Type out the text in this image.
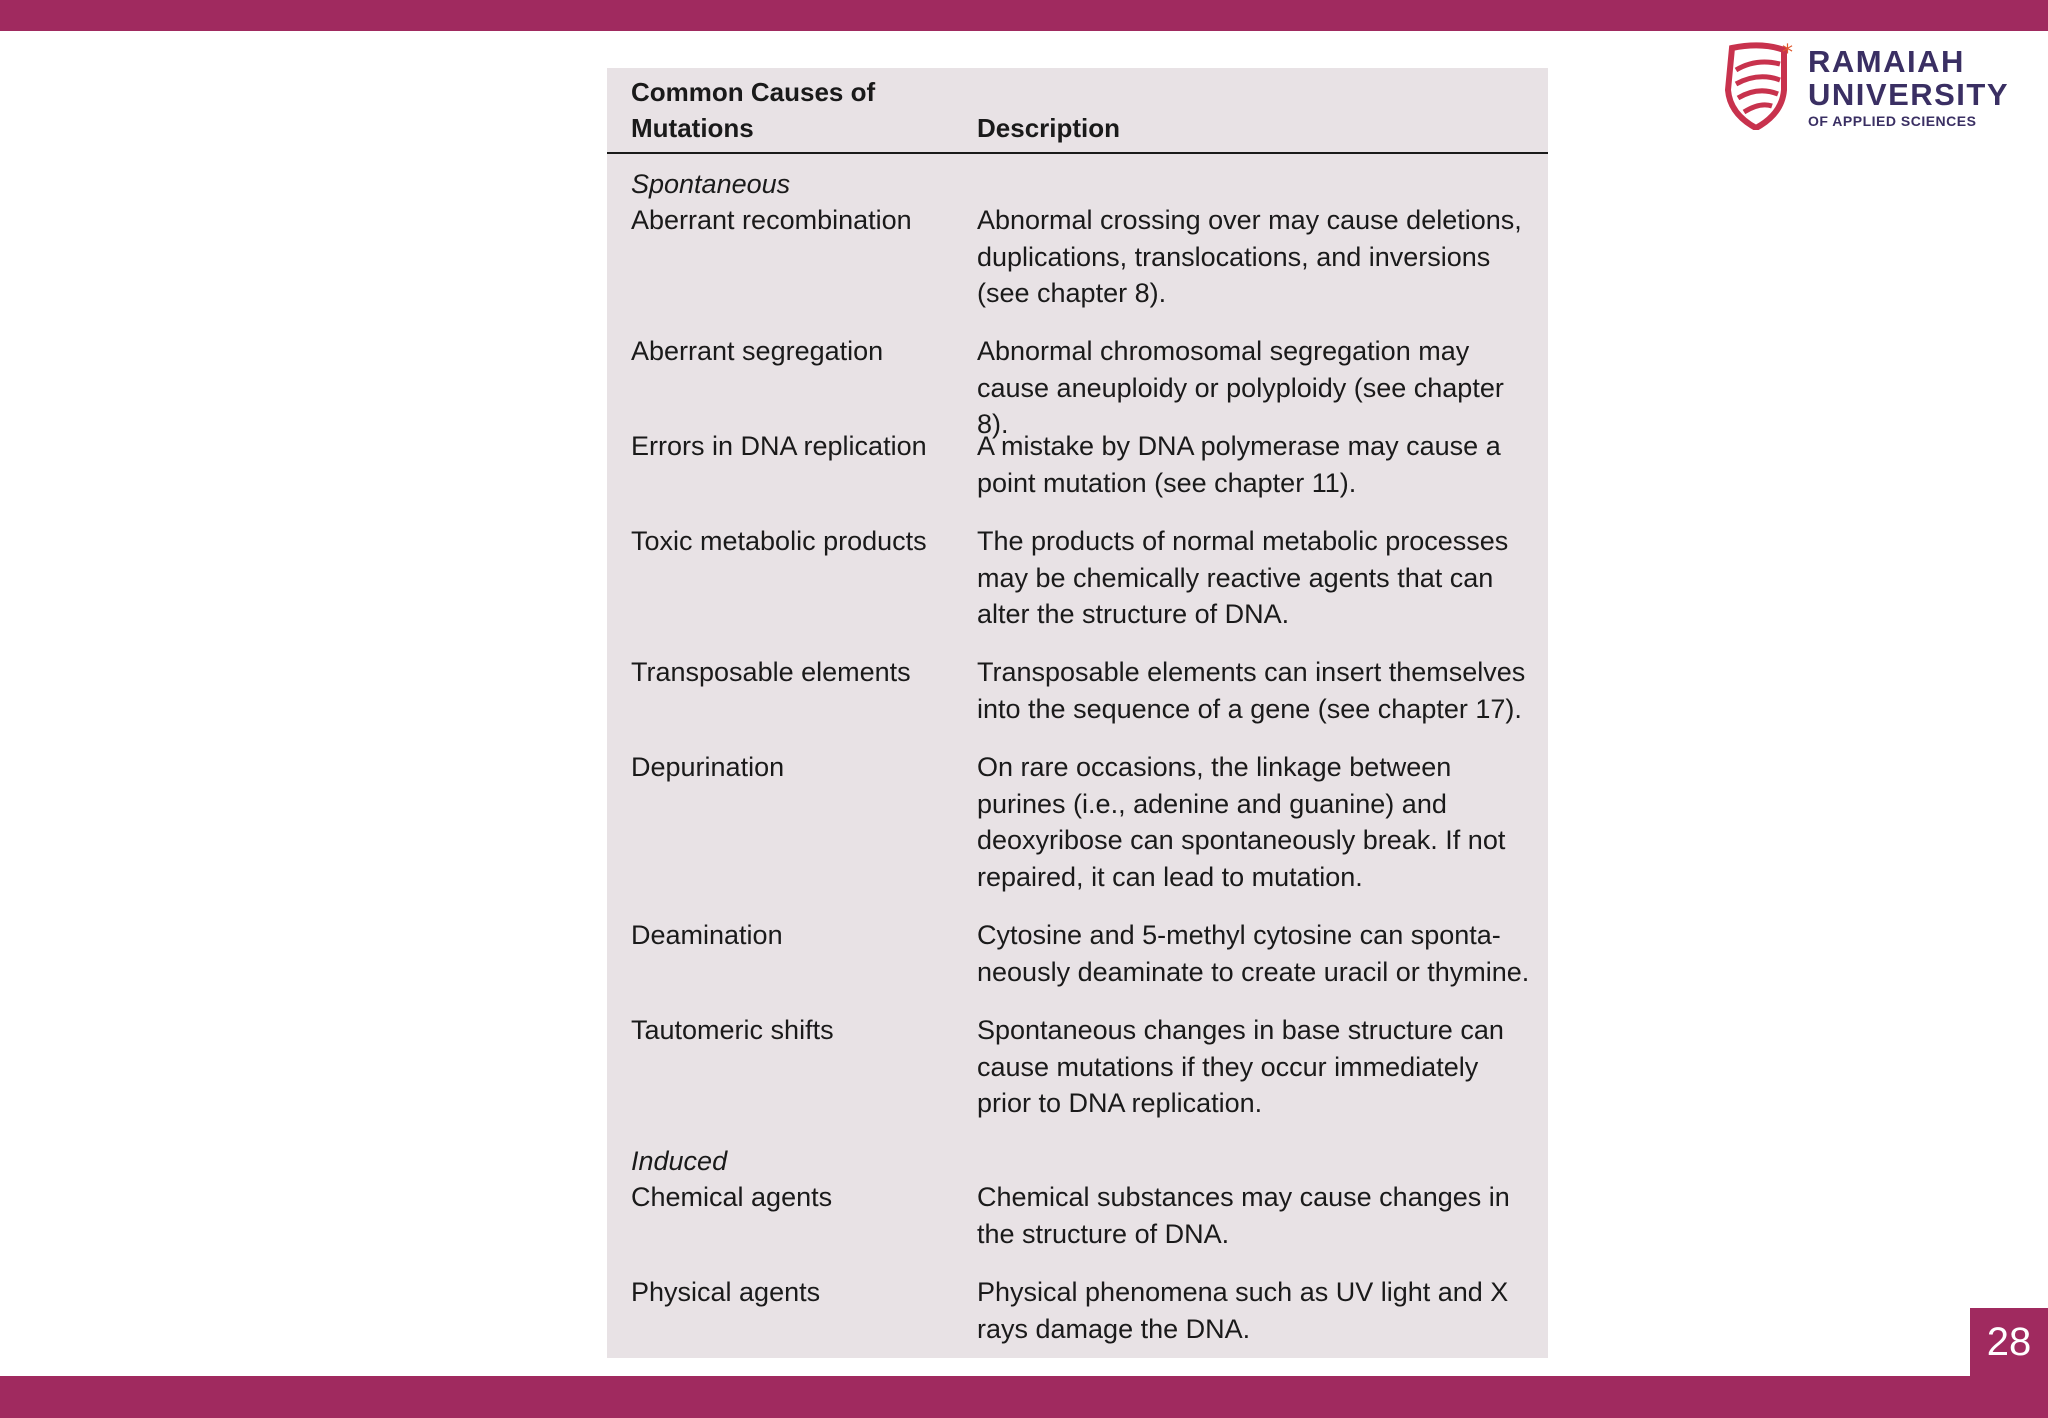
* RAMAIAH
UNIVERSITY
OF APPLIED SCIENCES
Common Causes of Mutations	Description
Spontaneous
Aberrant recombination	Abnormal crossing over may cause deletions, duplications, translocations, and inversions (see chapter 8).
Aberrant segregation	Abnormal chromosomal segregation may cause aneuploidy or polyploidy (see chapter 8).
Errors in DNA replication	A mistake by DNA polymerase may cause a point mutation (see chapter 11).
Toxic metabolic products	The products of normal metabolic processes may be chemically reactive agents that can alter the structure of DNA.
Transposable elements	Transposable elements can insert themselves into the sequence of a gene (see chapter 17).
Depurination	On rare occasions, the linkage between purines (i.e., adenine and guanine) and deoxyribose can spontaneously break. If not repaired, it can lead to mutation.
Deamination	Cytosine and 5-methyl cytosine can sponta-neously deaminate to create uracil or thymine.
Tautomeric shifts	Spontaneous changes in base structure can cause mutations if they occur immediately prior to DNA replication.
Induced
Chemical agents	Chemical substances may cause changes in the structure of DNA.
Physical agents	Physical phenomena such as UV light and X rays damage the DNA.	28
